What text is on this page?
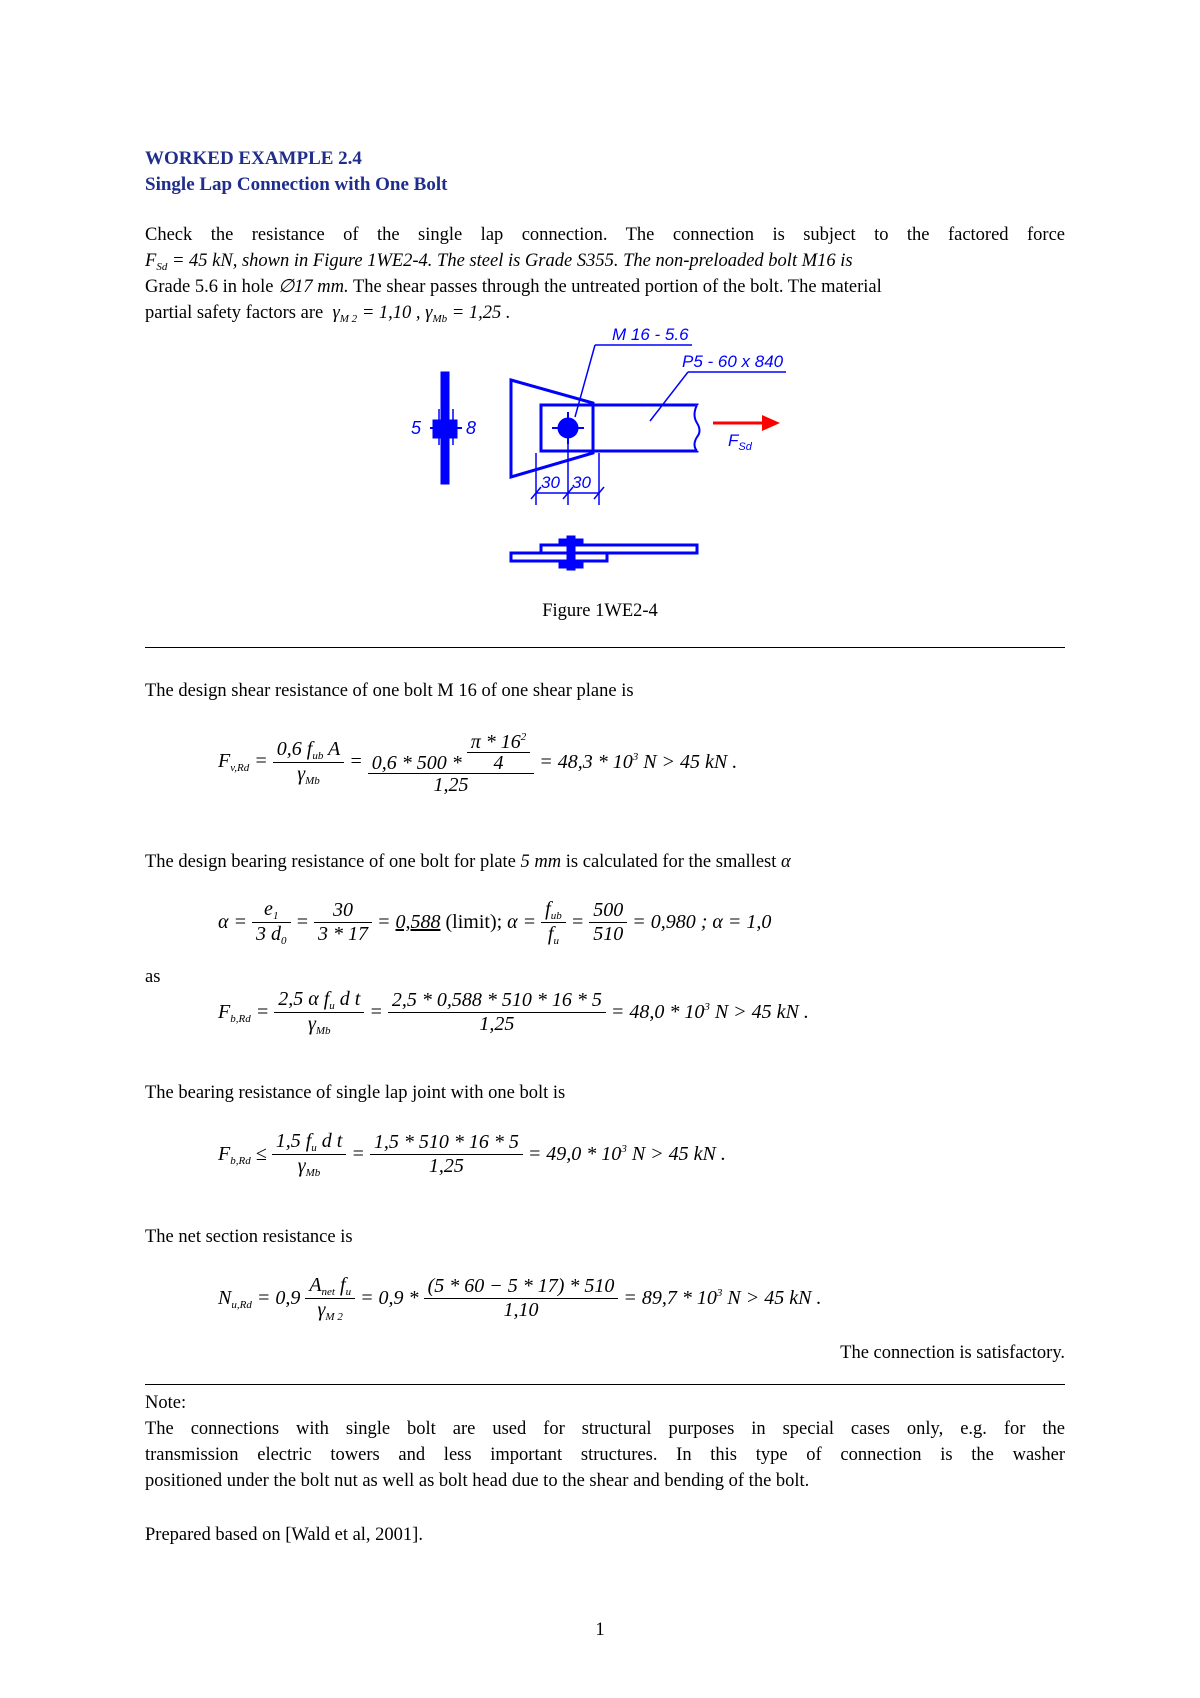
WORKED EXAMPLE 2.4
Single Lap Connection with One Bolt
Check the resistance of the single lap connection. The connection is subject to the factored force
$F_{Sd} = 45$ kN, shown in Figure 1WE2-4. The steel is Grade S355. The non-preloaded bolt M16 is
Grade 5.6 in hole ∅17 mm. The shear passes through the untreated portion of the bolt. The material
partial safety factors are  $\gamma_{M 2} = 1,10$ , $\gamma_{Mb} = 1,25$ .
5 8
M 16 - 5.6
P5 - 60 x 840
30 30
$F_{Sd}$
Figure 1WE2-4
The design shear resistance of one bolt M 16 of one shear plane is
$F_{v,Rd} = \frac{0,6 f_{ub} A}{\gamma_{Mb}}$ =
0,6 * 500 *
$\frac{\pi * 16^2}{4}$
$1,25 = 48,3 * 10^3$ N > 45 kN .
The design bearing resistance of one bolt for plate 5 mm is calculated for the smallest α
$\alpha = \frac{e_1}{3 d_0} = \frac{30}{3 * 17} = 0,588$ (limit); $\alpha = \frac{f_{ub}}{f_u} = \frac{500}{510} = 0,980$ ; α = 1,0
as
$F_{b,Rd} = \frac{2,5 \alpha f_u d t}{\gamma_{Mb}} = \frac{2,5 * 0,588 * 510 * 16 * 5}{1,25} = 48,0 * 10^3$ N > 45 kN .
The bearing resistance of single lap joint with one bolt is
$F_{b,Rd} \le \frac{1,5 f_u d t}{\gamma_{Mb}} = \frac{1,5 * 510 * 16 * 5}{1,25} = 49,0 * 10^3$ N > 45 kN .
The net section resistance is
$N_{u,Rd} = 0,9 \frac{A_{net} f_u}{\gamma_{M 2}} = 0,9 * \frac{(5 * 60 - 5 * 17) * 510}{1,10} = 89,7 * 10^3$ N > 45 kN .
The connection is satisfactory.
Note:
The connections with single bolt are used for structural purposes in special cases only, e.g. for the
transmission electric towers and less important structures. In this type of connection is the washer
positioned under the bolt nut as well as bolt head due to the shear and bending of the bolt.
Prepared based on [Wald et al, 2001].
1
